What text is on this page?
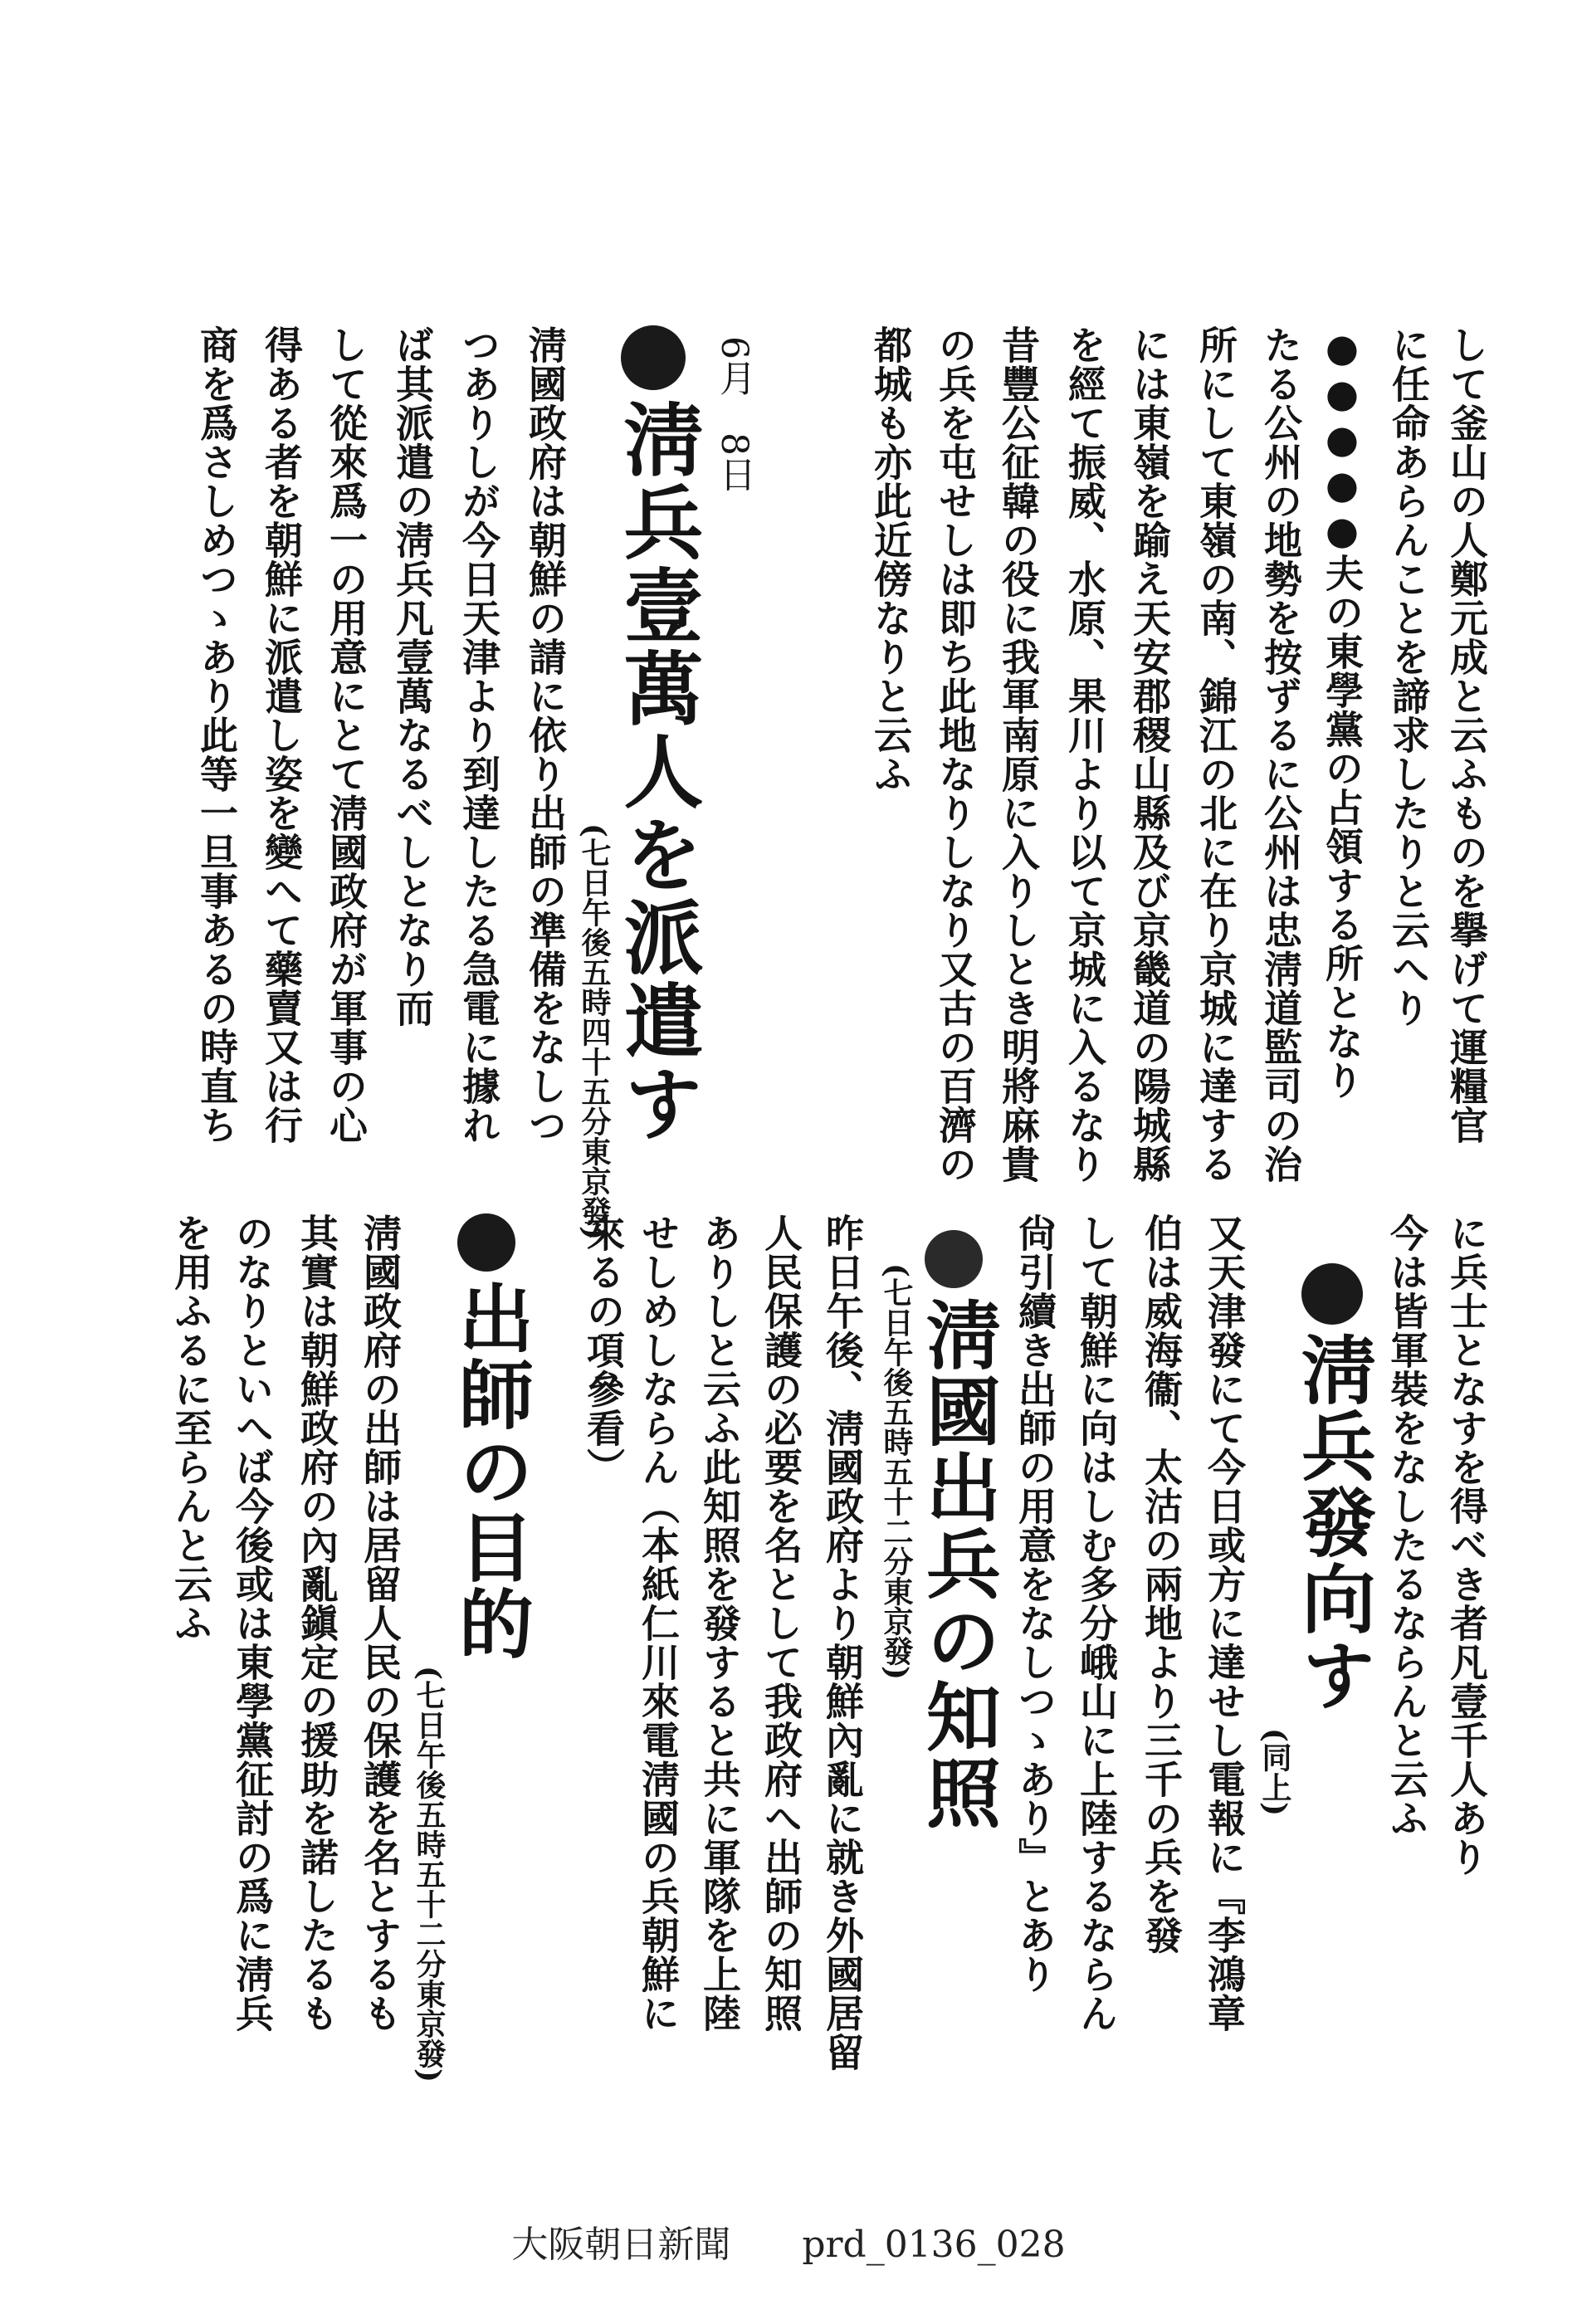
して釜山の人鄭元成と云ふものを擧げて運糧官
に任命あらんことを諦求したりと云へり
●●●●●夫の東學黨の占領する所となり
たる公州の地勢を按ずるに公州は忠淸道監司の治
所にして東嶺の南、錦江の北に在り京城に達する
には東嶺を踰え天安郡稷山縣及び京畿道の陽城縣
を經て振威、水原、果川より以て京城に入るなり
昔豐公征韓の役に我軍南原に入りしとき明將麻貴
の兵を屯せしは即ち此地なりしなり又古の百濟の
都城も亦此近傍なりと云ふ
6月　8日
淸兵壹萬人を派遣す
(七日午後五時四十五分東京發)
淸國政府は朝鮮の請に依り出師の準備をなしつ
つありしが今日天津より到達したる急電に據れ
ば其派遣の淸兵凡壹萬なるべしとなり而
して從來爲一の用意にとて淸國政府が軍事の心
得ある者を朝鮮に派遣し姿を變へて藥賣又は行
商を爲さしめつゝあり此等一旦事あるの時直ち
に兵士となすを得べき者凡壹千人あり
今は皆軍裝をなしたるならんと云ふ
淸兵發向す
(同上)
又天津發にて今日或方に達せし電報に『李鴻章
伯は威海衞、太沽の兩地より三千の兵を發
して朝鮮に向はしむ多分峨山に上陸するならん
尙引續き出師の用意をなしつゝあり』とあり
淸國出兵の知照
(七日午後五時五十二分東京發)
昨日午後、淸國政府より朝鮮內亂に就き外國居留
人民保護の必要を名として我政府へ出師の知照
ありしと云ふ此知照を發すると共に軍隊を上陸
せしめしならん（本紙仁川來電淸國の兵朝鮮に
來るの項參看）
出師の目的
(七日午後五時五十二分東京發)
淸國政府の出師は居留人民の保護を名とするも
其實は朝鮮政府の內亂鎭定の援助を諾したるも
のなりといへば今後或は東學黨征討の爲に淸兵
を用ふるに至らんと云ふ
大阪朝日新聞 prd_0136_028
